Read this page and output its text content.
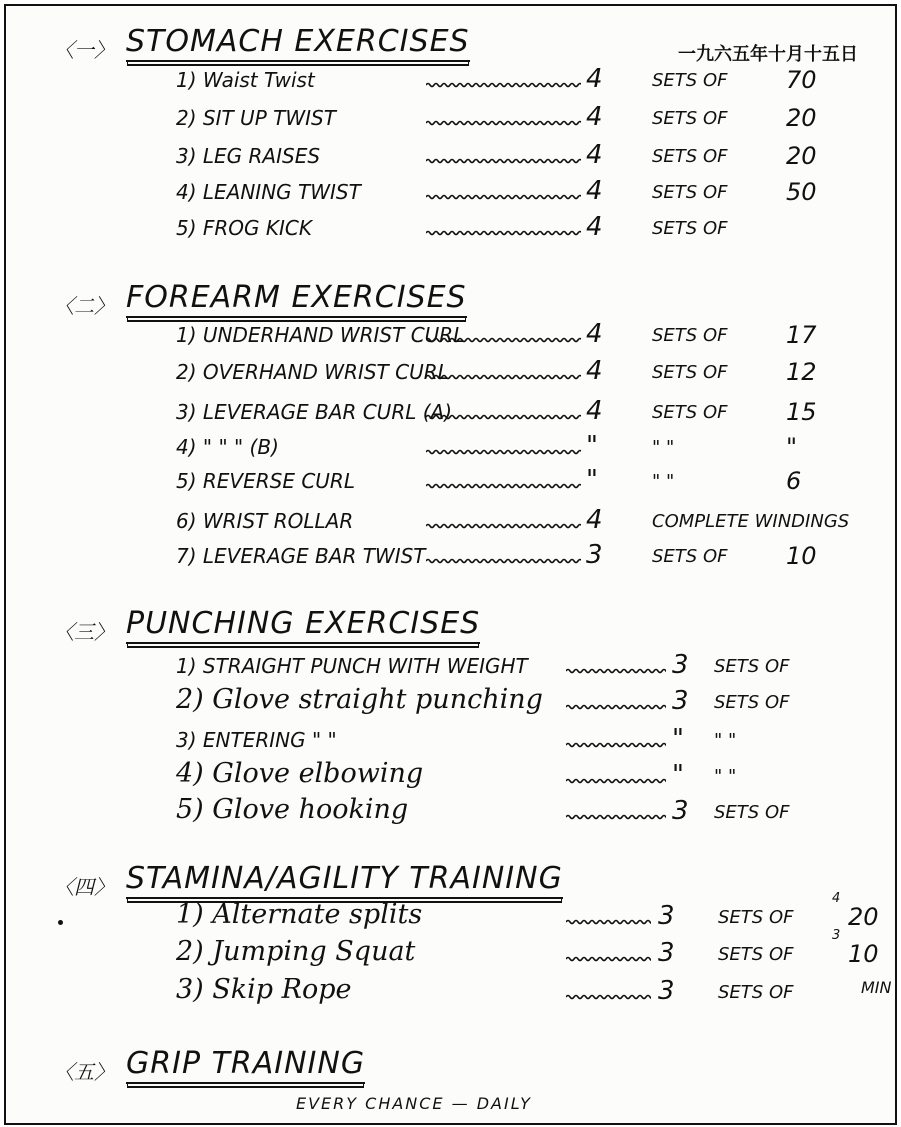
一九六五年十月十五日
〈一〉 STOMACH EXERCISES
1) Waist Twist	4	SETS OF 70
2) SIT UP TWIST	4	SETS OF 20
3) LEG RAISES	4	SETS OF 20
4) LEANING TWIST	4	SETS OF 50
5) FROG KICK	4	SETS OF
〈二〉 FOREARM EXERCISES
1) UNDERHAND WRIST CURL	4	SETS OF 17
2) OVERHAND WRIST CURL	4	SETS OF 12
3) LEVERAGE BAR CURL (A)	4	SETS OF 15
4) " " " (B)	"	" "	"
5) REVERSE CURL	"	" "	6
6) WRIST ROLLAR	4	COMPLETE WINDINGS
7) LEVERAGE BAR TWIST	3	SETS OF 10
〈三〉 PUNCHING EXERCISES
1) STRAIGHT PUNCH WITH WEIGHT	3 SETS OF
2) Glove straight punching	3 SETS OF
3) ENTERING " "	" " "
4) Glove elbowing	" " "
5) Glove hooking	3 SETS OF
〈四〉 STAMINA/AGILITY TRAINING
1) Alternate splits	3 SETS OF 20
4
2) Jumping Squat	3 SETS OF 10
3
3) Skip Rope	3 SETS OF	MIN
〈五〉 GRIP TRAINING
EVERY CHANCE — DAILY
